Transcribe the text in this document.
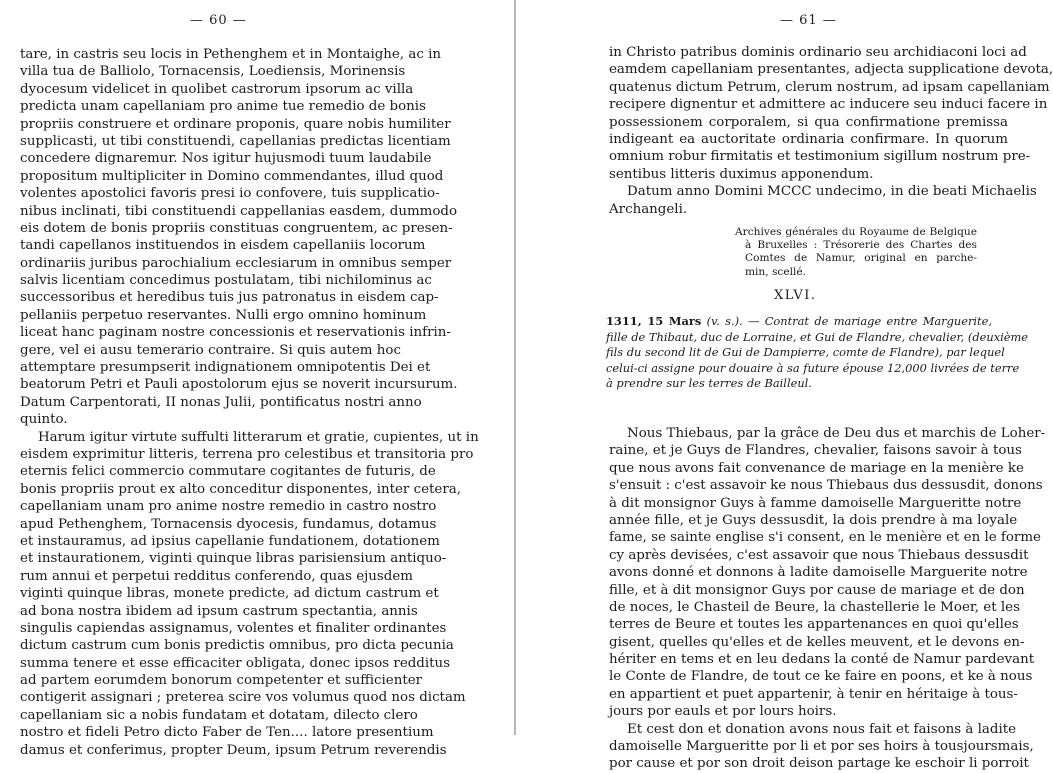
— 60 —
tare, in castris seu locis in Pethenghem et in Montaighe, ac in
villa tua de Balliolo, Tornacensis, Loediensis, Morinensis
dyocesum videlicet in quolibet castrorum ipsorum ac villa
predicta unam capellaniam pro anime tue remedio de bonis
propriis construere et ordinare proponis, quare nobis humiliter
supplicasti, ut tibi constituendi, capellanias predictas licentiam
concedere dignaremur. Nos igitur hujusmodi tuum laudabile
propositum multipliciter in Domino commendantes, illud quod
volentes apostolici favoris presi io confovere, tuis supplicatio-
nibus inclinati, tibi constituendi cappellanias easdem, dummodo
eis dotem de bonis propriis constituas congruentem, ac presen-
tandi capellanos instituendos in eisdem capellaniis locorum
ordinariis juribus parochialium ecclesiarum in omnibus semper
salvis licentiam concedimus postulatam, tibi nichilominus ac
successoribus et heredibus tuis jus patronatus in eisdem cap-
pellaniis perpetuo reservantes. Nulli ergo omnino hominum
liceat hanc paginam nostre concessionis et reservationis infrin-
gere, vel ei ausu temerario contraire. Si quis autem hoc
attemptare presumpserit indignationem omnipotentis Dei et
beatorum Petri et Pauli apostolorum ejus se noverit incursurum.
Datum Carpentorati, II nonas Julii, pontificatus nostri anno
quinto.
Harum igitur virtute suffulti litterarum et gratie, cupientes, ut in
eisdem exprimitur litteris, terrena pro celestibus et transitoria pro
eternis felici commercio commutare cogitantes de futuris, de
bonis propriis prout ex alto conceditur disponentes, inter cetera,
capellaniam unam pro anime nostre remedio in castro nostro
apud Pethenghem, Tornacensis dyocesis, fundamus, dotamus
et instauramus, ad ipsius capellanie fundationem, dotationem
et instaurationem, viginti quinque libras parisiensium antiquo-
rum annui et perpetui redditus conferendo, quas ejusdem
viginti quinque libras, monete predicte, ad dictum castrum et
ad bona nostra ibidem ad ipsum castrum spectantia, annis
singulis capiendas assignamus, volentes et finaliter ordinantes
dictum castrum cum bonis predictis omnibus, pro dicta pecunia
summa tenere et esse efficaciter obligata, donec ipsos redditus
ad partem eorumdem bonorum competenter et sufficienter
contigerit assignari ; preterea scire vos volumus quod nos dictam
capellaniam sic a nobis fundatam et dotatam, dilecto clero
nostro et fideli Petro dicto Faber de Ten.... latore presentium
damus et conferimus, propter Deum, ipsum Petrum reverendis
— 61 —
in Christo patribus dominis ordinario seu archidiaconi loci ad
eamdem capellaniam presentantes, adjecta supplicatione devota,
quatenus dictum Petrum, clerum nostrum, ad ipsam capellaniam
recipere dignentur et admittere ac inducere seu induci facere in
possessionem corporalem, si qua confirmatione premissa
indigeant ea auctoritate ordinaria confirmare. In quorum
omnium robur firmitatis et testimonium sigillum nostrum pre-
sentibus litteris duximus apponendum.
Datum anno Domini MCCC undecimo, in die beati Michaelis
Archangeli.
Nous Thiebaus, par la grâce de Deu dus et marchis de Loher-
raine, et je Guys de Flandres, chevalier, faisons savoir à tous
que nous avons fait convenance de mariage en la menière ke
s'ensuit : c'est assavoir ke nous Thiebaus dus dessusdit, donons
à dit monsignor Guys à famme damoiselle Margueritte notre
année fille, et je Guys dessusdit, la dois prendre à ma loyale
fame, se sainte englise s'i consent, en le menière et en le forme
cy après devisées, c'est assavoir que nous Thiebaus dessusdit
avons donné et donnons à ladite damoiselle Marguerite notre
fille, et à dit monsignor Guys por cause de mariage et de don
de noces, le Chasteil de Beure, la chastellerie le Moer, et les
terres de Beure et toutes les appartenances en quoi qu'elles
gisent, quelles qu'elles et de kelles meuvent, et le devons en-
hériter en tems et en leu dedans la conté de Namur pardevant
le Conte de Flandre, de tout ce ke faire en poons, et ke à nous
en appartient et puet appartenir, à tenir en héritaige à tous-
jours por eauls et por lours hoirs.
Et cest don et donation avons nous fait et faisons à ladite
damoiselle Margueritte por li et por ses hoirs à tousjoursmais,
por cause et por son droit deison partage ke eschoir li porroit
Archives générales du Royaume de Belgique
à Bruxelles : Trésorerie des Chartes des
Comtes de Namur, original en parche-
min, scellé.
XLVI.
1311, 15 Mars (v. s.). — Contrat de mariage entre Marguerite,
fille de Thibaut, duc de Lorraine, et Gui de Flandre, chevalier, (deuxième
fils du second lit de Gui de Dampierre, comte de Flandre), par lequel
celui-ci assigne pour douaire à sa future épouse 12,000 livrées de terre
à prendre sur les terres de Bailleul.
